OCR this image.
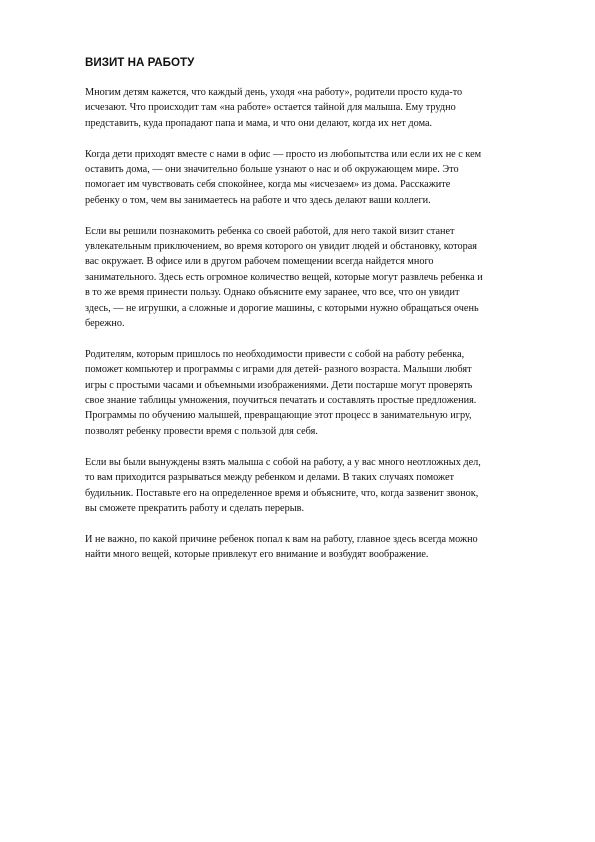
ВИЗИТ НА РАБОТУ

Многим детям кажется, что каждый день, уходя «на работу», родители просто куда-то
исчезают. Что происходит там «на работе» остается тайной для малыша. Ему трудно
представить, куда пропадают папа и мама, и что они делают, когда их нет дома.

Когда дети приходят вместе с нами в офис — просто из любопытства или если их не с кем
оставить дома, — они значительно больше узнают о нас и об окружающем мире. Это
помогает им чувствовать себя спокойнее, когда мы «исчезаем» из дома. Расскажите
ребенку о том, чем вы занимаетесь на работе и что здесь делают ваши коллеги.

Если вы решили познакомить ребенка со своей работой, для него такой визит станет
увлекательным приключением, во время которого он увидит людей и обстановку, которая
вас окружает. В офисе или в другом рабочем помещении всегда найдется много
занимательного. Здесь есть огромное количество вещей, которые могут развлечь ребенка и
в то же время принести пользу. Однако объясните ему заранее, что все, что он увидит
здесь, — не игрушки, а сложные и дорогие машины, с которыми нужно обращаться очень
бережно.

Родителям, которым пришлось по необходимости привести с собой на работу ребенка,
поможет компьютер и программы с играми для детей- разного возраста. Малыши любят
игры с простыми часами и объемными изображениями. Дети постарше могут проверять
свое знание таблицы умножения, поучиться печатать и составлять простые предложения.
Программы по обучению малышей, превращающие этот процесс в занимательную игру,
позволят ребенку провести время с пользой для себя.

Если вы были вынуждены взять малыша с собой на работу, а у вас много неотложных дел,
то вам приходится разрываться между ребенком и делами. В таких случаях поможет
будильник. Поставьте его на определенное время и объясните, что, когда зазвенит звонок,
вы сможете прекратить работу и сделать перерыв.

И не важно, по какой причине ребенок попал к вам на работу, главное здесь всегда можно
найти много вещей, которые привлекут его внимание и возбудят воображение.
